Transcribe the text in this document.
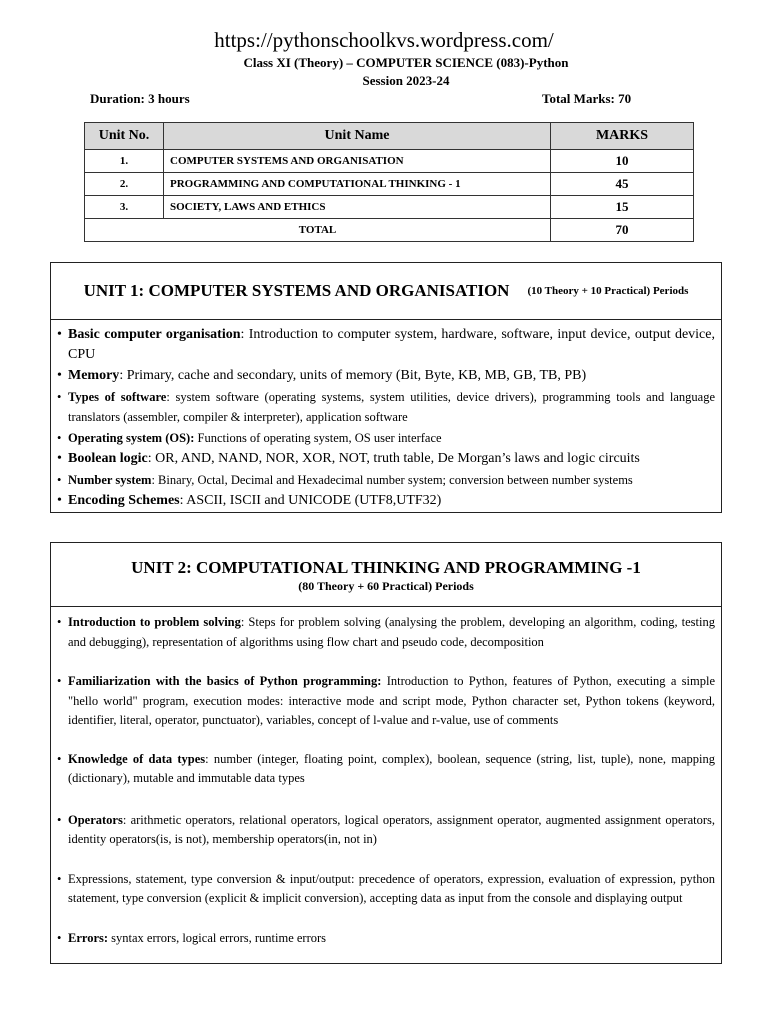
https://pythonschoolkvs.wordpress.com/
Class XI (Theory) – COMPUTER SCIENCE (083)-Python
Session 2023-24
Duration: 3 hours	Total Marks: 70
Unit No.	Unit Name	MARKS
1.	COMPUTER SYSTEMS AND ORGANISATION	10
2.	PROGRAMMING AND COMPUTATIONAL THINKING - 1	45
3.	SOCIETY, LAWS AND ETHICS	15
TOTAL		70
UNIT 1: COMPUTER SYSTEMS AND ORGANISATION (10 Theory + 10 Practical) Periods
• Basic computer organisation: Introduction to computer system, hardware, software, input device, output device, CPU
• Memory: Primary, cache and secondary, units of memory (Bit, Byte, KB, MB, GB, TB, PB)
• Types of software: system software (operating systems, system utilities, device drivers), programming tools and language translators (assembler, compiler & interpreter), application software
• Operating system (OS): Functions of operating system, OS user interface
• Boolean logic: OR, AND, NAND, NOR, XOR, NOT, truth table, De Morgan’s laws and logic circuits
• Number system: Binary, Octal, Decimal and Hexadecimal number system; conversion between number systems
• Encoding Schemes: ASCII, ISCII and UNICODE (UTF8,UTF32)
UNIT 2: COMPUTATIONAL THINKING AND PROGRAMMING -1
(80 Theory + 60 Practical) Periods
• Introduction to problem solving: Steps for problem solving (analysing the problem, developing an algorithm, coding, testing and debugging), representation of algorithms using flow chart and pseudo code, decomposition
• Familiarization with the basics of Python programming: Introduction to Python, features of Python, executing a simple "hello world" program, execution modes: interactive mode and script mode, Python character set, Python tokens (keyword, identifier, literal, operator, punctuator), variables, concept of l-value and r-value, use of comments
• Knowledge of data types: number (integer, floating point, complex), boolean, sequence (string, list, tuple), none, mapping (dictionary), mutable and immutable data types
• Operators: arithmetic operators, relational operators, logical operators, assignment operator, augmented assignment operators, identity operators(is, is not), membership operators(in, not in)
• Expressions, statement, type conversion & input/output: precedence of operators, expression, evaluation of expression, python statement, type conversion (explicit & implicit conversion), accepting data as input from the console and displaying output
• Errors: syntax errors, logical errors, runtime errors
